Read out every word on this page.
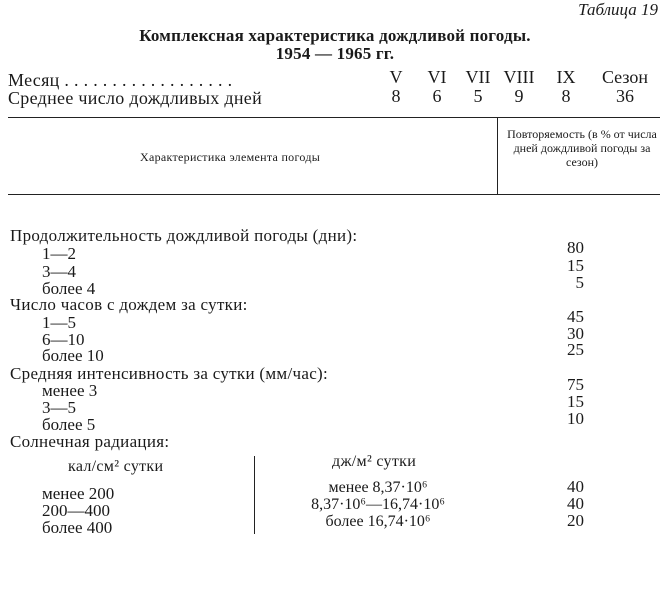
Таблица 19
Комплексная характеристика дождливой погоды.
1954 — 1965 гг.
Месяц . . . . . . . . . . . . . . . . . .	V	VI	VII VIII	IX	Сезон
Среднее число дождливых дней	8	6	5	9	8	36
Характеристика элемента погоды
Повторяемость (в % от числа дней дождливой погоды за сезон)
Продолжительность дождливой погоды (дни):
1—2	80
3—4	15
более 4	5
Число часов с дождем за сутки:
1—5	45
6—10	30
более 10	25
Средняя интенсивность за сутки (мм/час):
менее 3	75
3—5	15
более 5	10
Солнечная радиация:
кал/см² сутки	дж/м² сутки
менее 200	менее 8,37·10⁶	40
200—400	8,37·10⁶—16,74·10⁶	40
более 400	более 16,74·10⁶	20
